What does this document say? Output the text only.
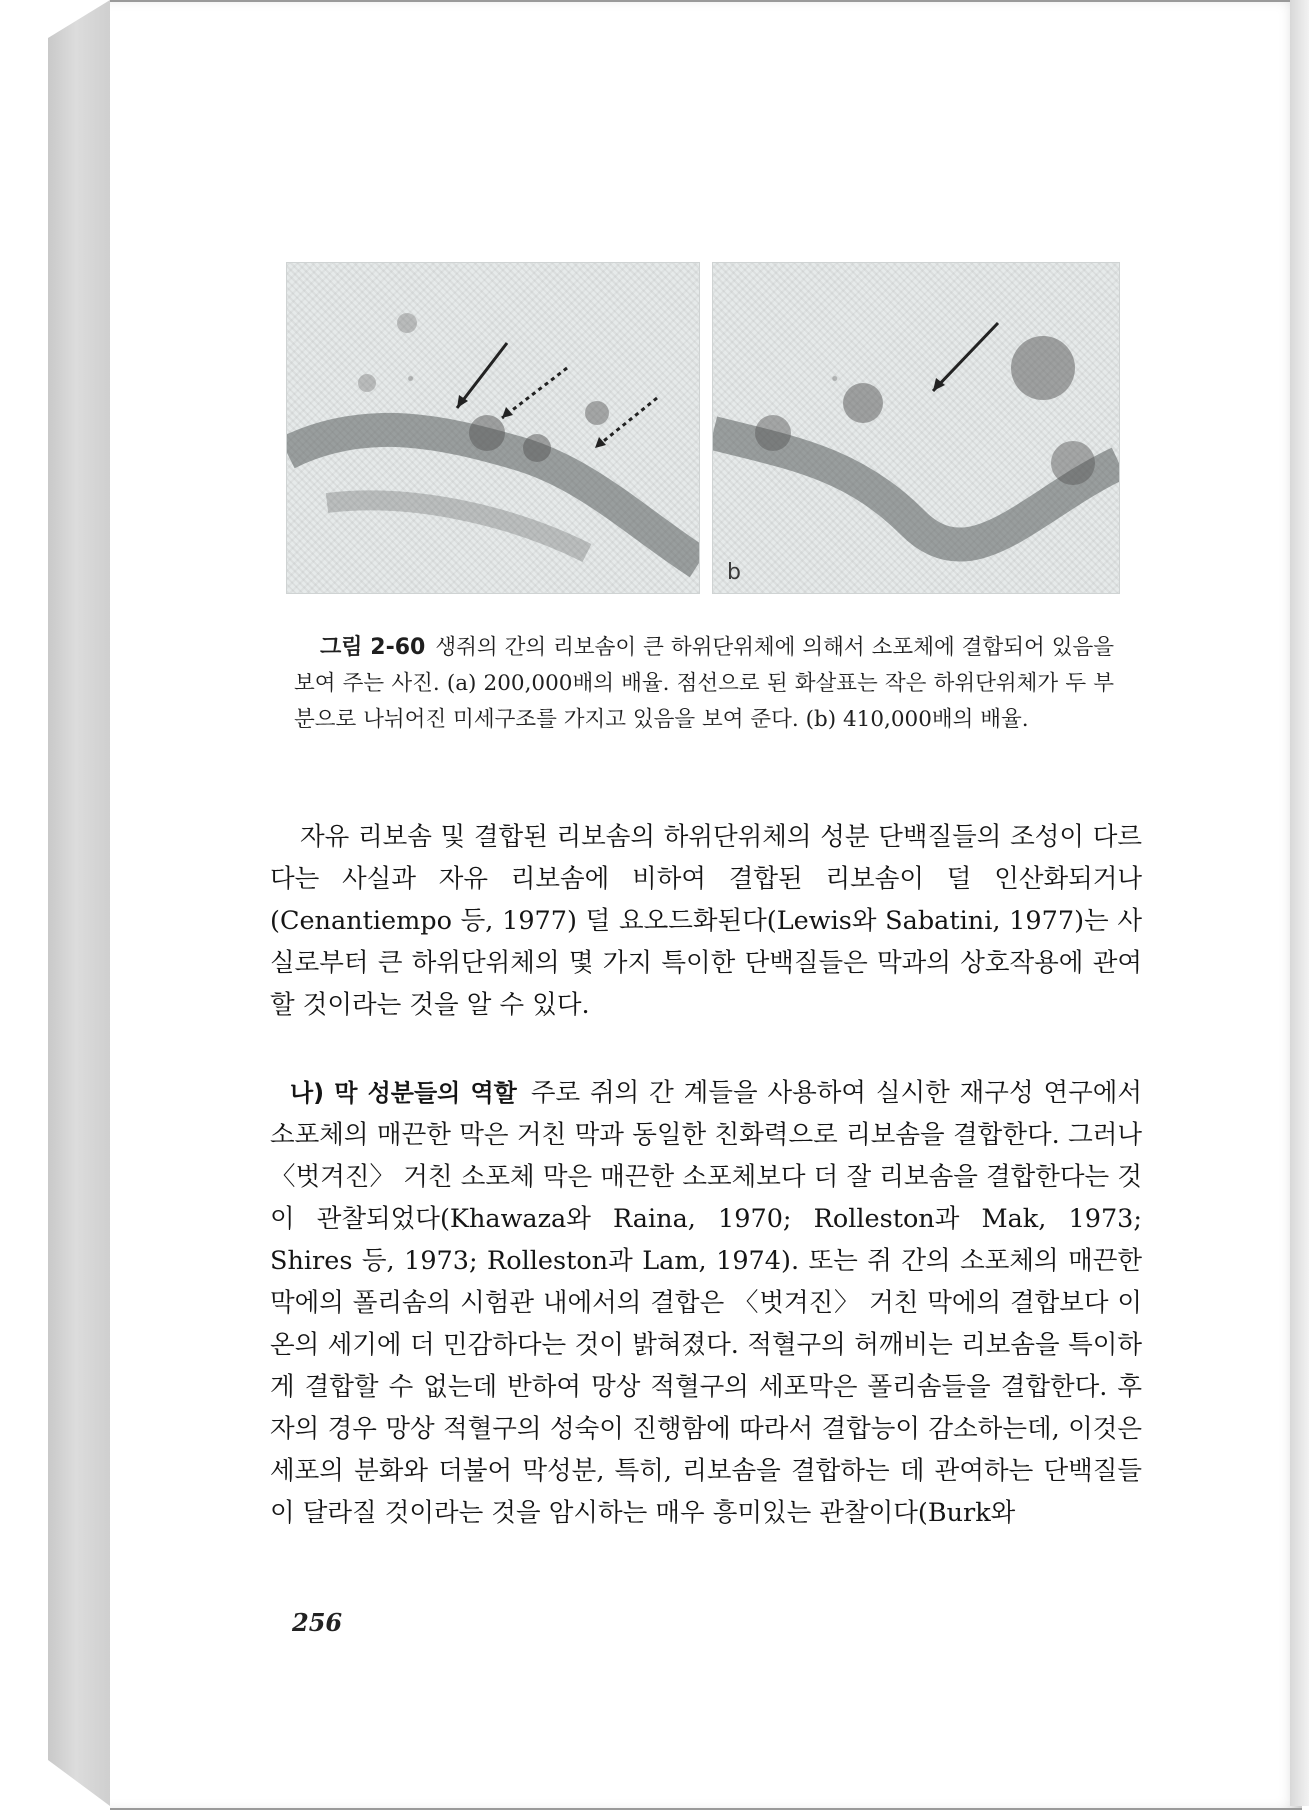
b
그림 2-60 생쥐의 간의 리보솜이 큰 하위단위체에 의해서 소포체에 결합되어 있음을 보여 주는 사진. (a) 200,000배의 배율. 점선으로 된 화살표는 작은 하위단위체가 두 부분으로 나뉘어진 미세구조를 가지고 있음을 보여 준다. (b) 410,000배의 배율.
자유 리보솜 및 결합된 리보솜의 하위단위체의 성분 단백질들의 조성이 다르다는 사실과 자유 리보솜에 비하여 결합된 리보솜이 덜 인산화되거나(Cenantiempo 등, 1977) 덜 요오드화된다(Lewis와 Sabatini, 1977)는 사실로부터 큰 하위단위체의 몇 가지 특이한 단백질들은 막과의 상호작용에 관여할 것이라는 것을 알 수 있다.
나) 막 성분들의 역할 주로 쥐의 간 계들을 사용하여 실시한 재구성 연구에서 소포체의 매끈한 막은 거친 막과 동일한 친화력으로 리보솜을 결합한다. 그러나 〈벗겨진〉 거친 소포체 막은 매끈한 소포체보다 더 잘 리보솜을 결합한다는 것이 관찰되었다(Khawaza와 Raina, 1970; Rolleston과 Mak, 1973; Shires 등, 1973; Rolleston과 Lam, 1974). 또는 쥐 간의 소포체의 매끈한 막에의 폴리솜의 시험관 내에서의 결합은 〈벗겨진〉 거친 막에의 결합보다 이온의 세기에 더 민감하다는 것이 밝혀졌다. 적혈구의 허깨비는 리보솜을 특이하게 결합할 수 없는데 반하여 망상 적혈구의 세포막은 폴리솜들을 결합한다. 후자의 경우 망상 적혈구의 성숙이 진행함에 따라서 결합능이 감소하는데, 이것은 세포의 분화와 더불어 막성분, 특히, 리보솜을 결합하는 데 관여하는 단백질들이 달라질 것이라는 것을 암시하는 매우 흥미있는 관찰이다(Burk와
256
